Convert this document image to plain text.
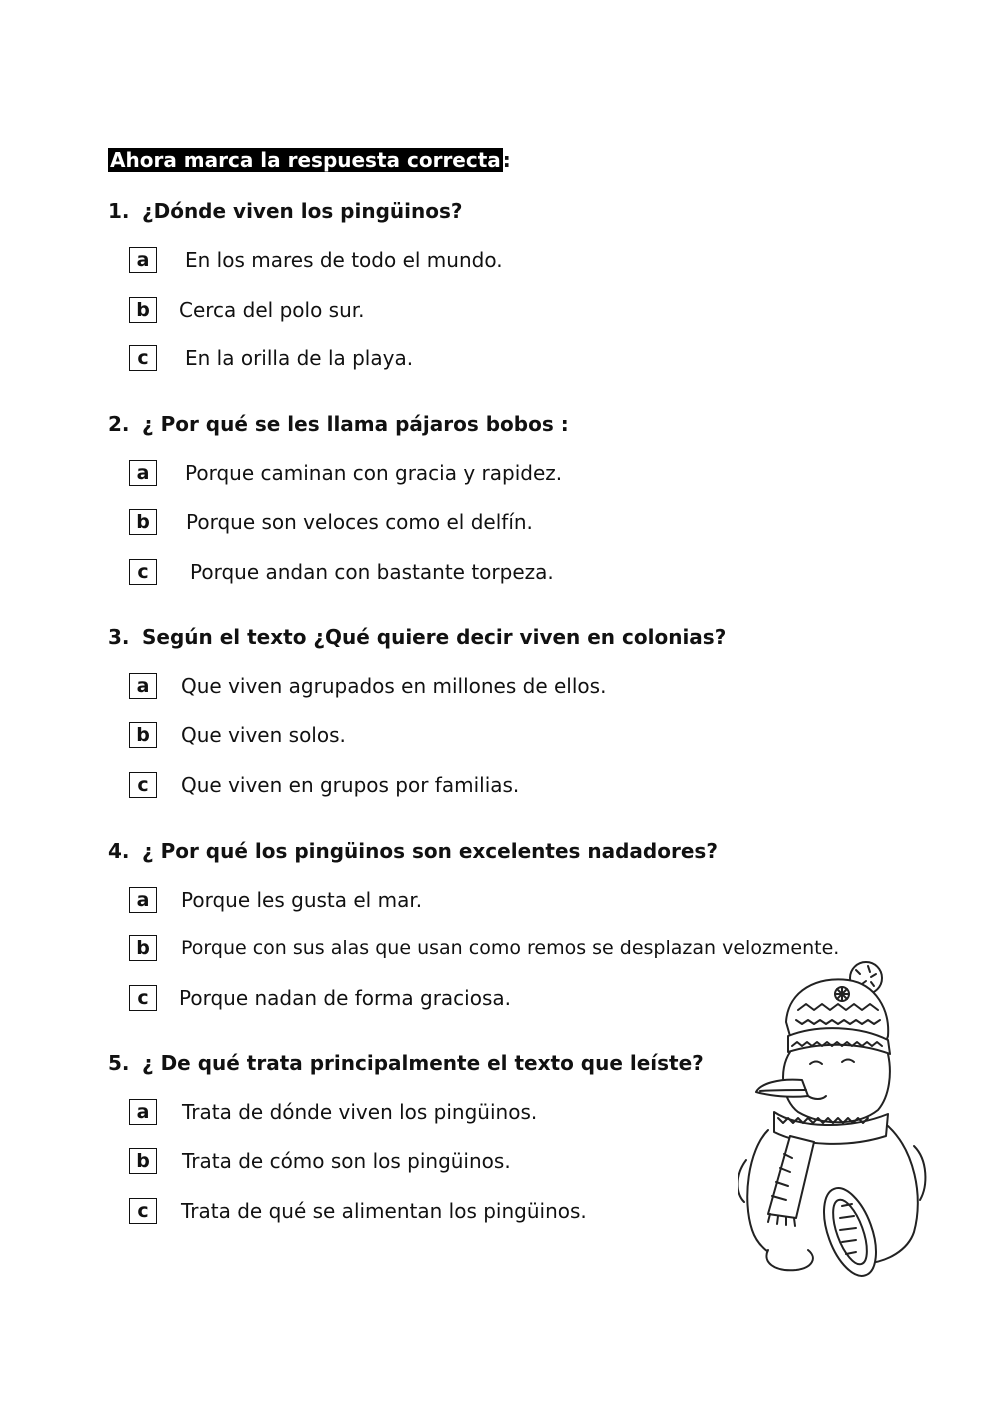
Ahora marca la respuesta correcta :
1. ¿Dónde viven los pingüinos?
a	En los mares de todo el mundo.
b	Cerca del polo sur.
c	En la orilla de la playa.
2. ¿ Por qué se les llama pájaros bobos :
a	Porque caminan con gracia y rapidez.
b	Porque son veloces como el delfín.
c	Porque andan con bastante torpeza.
3. Según el texto ¿Qué quiere decir viven en colonias?
a	Que viven agrupados en millones de ellos.
b	Que viven solos.
c	Que viven en grupos por familias.
4. ¿ Por qué los pingüinos son excelentes nadadores?
a	Porque les gusta el mar.
b	Porque con sus alas que usan como remos se desplazan velozmente.
c	Porque nadan de forma graciosa.
5. ¿ De qué trata principalmente el texto que leíste?
a	Trata de dónde viven los pingüinos.
b	Trata de cómo son los pingüinos.
c	Trata de qué se alimentan los pingüinos.
